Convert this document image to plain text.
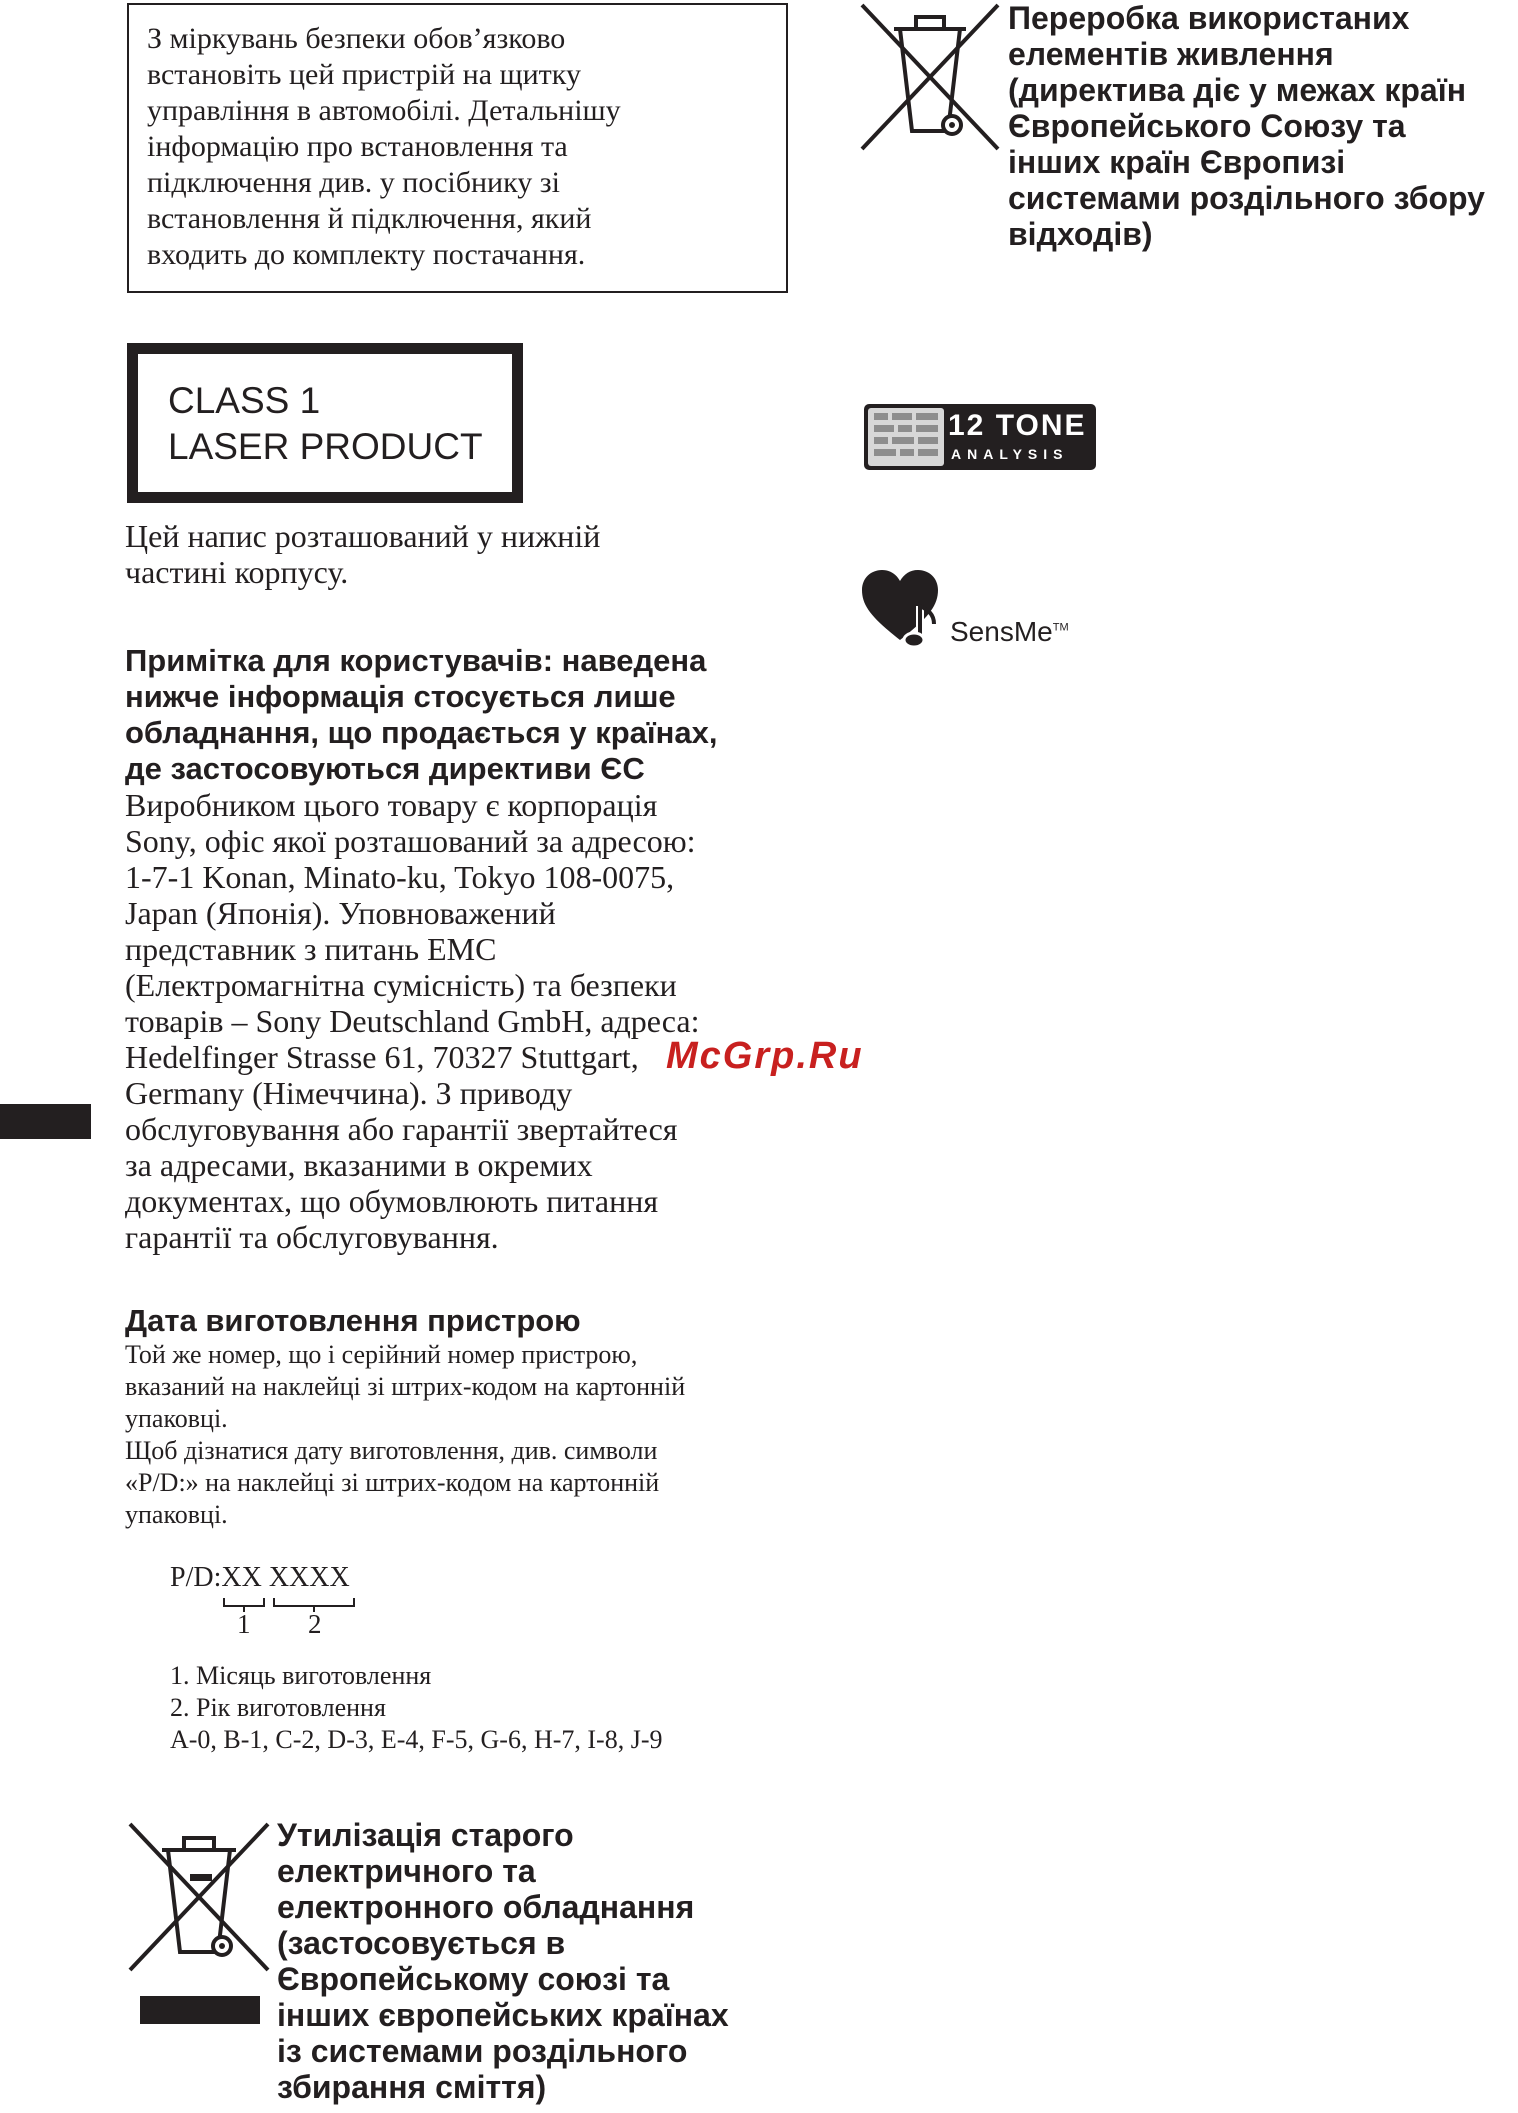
З міркувань безпеки обов’язково

встановіть цей пристрій на щитку

управління в автомобілі. Детальнішу

інформацію про встановлення та

підключення див. у посібнику зі

встановлення й підключення, який

входить до комплекту постачання.

CLASS 1
LASER PRODUCT

Цей напис розташований у нижній

частині корпусу.

Примітка для користувачів: наведена

нижче інформація стосується лише

обладнання, що продається у країнах,

де застосовуються директиви ЄС

Виробником цього товару є корпорація

Sony, офіс якої розташований за адресою:

1-7-1 Konan, Minato-ku, Tokyo 108-0075,

Japan (Японія). Уповноважений

представник з питань EMC

(Електромагнітна сумісність) та безпеки

товарів – Sony Deutschland GmbH, адреса:

Hedelfinger Strasse 61, 70327 Stuttgart,

Germany (Німеччина). З приводу

обслуговування або гарантії звертайтеся

за адресами, вказаними в окремих

документах, що обумовлюють питання

гарантії та обслуговування.

Дата виготовлення пристрою

Той же номер, що і серійний номер пристрою,

вказаний на наклейці зі штрих-кодом на картонній

упаковці.

Щоб дізнатися дату виготовлення, див. символи

«P/D:» на наклейці зі штрих-кодом на картонній

упаковці.

P/D:XX XXXX
1 2
1. Місяць виготовлення
2. Рік виготовлення
A-0, B-1, C-2, D-3, E-4, F-5, G-6, H-7, I-8, J-9

Переробка використаних

елементів живлення

(директива діє у межах країн

Європейського Союзу та

інших країн Європизі

системами роздільного збору

відходів)

12 TONE
ANALYSIS
SensMe™
McGrp.Ru

Утилізація старого

електричного та

електронного обладнання

(застосовується в

Європейському союзі та

інших європейських країнах

із системами роздільного

збирання сміття)
